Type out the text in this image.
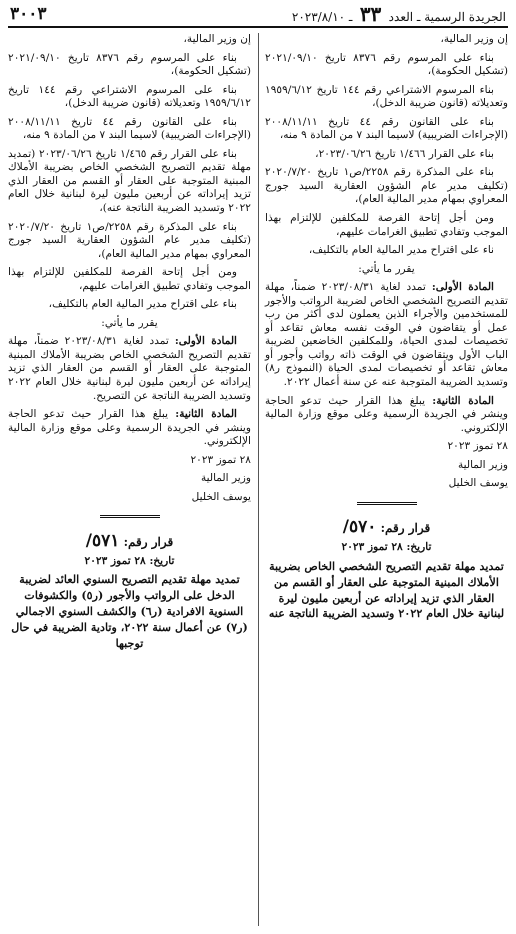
الجريدة الرسمية ـ العدد ٣٣ ـ ٢٠٢٣/٨/١٠
٣٠٠٣

إن وزير المالية،

بناء على المرسوم رقم ٨٣٧٦ تاريخ ٢٠٢١/٠٩/١٠ (تشكيل الحكومة)،

بناء المرسوم الاشتراعي رقم ١٤٤ تاريخ ١٩٥٩/٦/١٢ وتعديلاته (قانون ضريبة الدخل)،

بناء على القانون رقم ٤٤ تاريخ ٢٠٠٨/١١/١١ (الإجراءات الضريبية) لاسيما البند ٧ من المادة ٩ منه،

بناء على القرار ١/٤٦٦ تاريخ ٢٠٢٣/٠٦/٢٦،

بناء على المذكرة رقم ٢٢٥٨/ص١ تاريخ ٢٠٢٠/٧/٢٠ (تكليف مدير عام الشؤون العقارية السيد جورج المعراوي بمهام مدير المالية العام)،

ومن أجل إتاحة الفرصة للمكلفين للإلتزام بهذا الموجب وتفادي تطبيق الغرامات عليهم،

ناء على اقتراح مدير المالية العام بالتكليف،

يقرر ما يأتي:

المادة الأولى: تمدد لغاية ٢٠٢٣/٠٨/٣١ ضمناً، مهلة تقديم التصريح الشخصي الخاص لضريبة الرواتب والأجور للمستخدمين والأجراء الذين يعملون لدى أكثر من رب عمل أو يتقاضون في الوقت نفسه معاش تقاعد أو تخصيصات لمدى الحياة، وللمكلفين الخاضعين لضريبة الباب الأول ويتقاضون في الوقت ذاته رواتب وأجور أو معاش تقاعد أو تخصيصات لمدى الحياة (النموذج ر٨) وتسديد الضريبة المتوجبة عنه عن سنة أعمال ٢٠٢٢.

المادة الثانية: يبلغ هذا القرار حيث تدعو الحاجة وينشر في الجريدة الرسمية وعلى موقع وزارة المالية الإلكتروني.

٢٨ تموز ٢٠٢٣

وزير المالية

يوسف الخليل

قرار رقم: ٥٧٠/
تاريخ: ٢٨ تموز ٢٠٢٣
تمديد مهلة تقديم التصريح الشخصي الخاص بضريبة الأملاك المبنية المتوجبة على العقار أو القسم من العقار الذي تزيد إيراداته عن أربعين مليون ليرة لبنانية خلال العام ٢٠٢٢ وتسديد الضريبة الناتجة عنه

إن وزير المالية،

بناء على المرسوم رقم ٨٣٧٦ تاريخ ٢٠٢١/٠٩/١٠ (تشكيل الحكومة)،

بناء على المرسوم الاشتراعي رقم ١٤٤ تاريخ ١٩٥٩/٦/١٢ وتعديلاته (قانون ضريبة الدخل)،

بناء على القانون رقم ٤٤ تاريخ ٢٠٠٨/١١/١١ (الإجراءات الضريبية) لاسيما البند ٧ من المادة ٩ منه،

بناء على القرار رقم ١/٤٦٥ تاريخ ٢٠٢٣/٠٦/٢٦ (تمديد مهلة تقديم التصريح الشخصي الخاص بضريبة الأملاك المبنية المتوجبة على العقار أو القسم من العقار الذي تزيد إيراداته عن أربعين مليون ليرة لبنانية خلال العام ٢٠٢٢ وتسديد الضريبة الناتجة عنه)،

بناء على المذكرة رقم ٢٢٥٨/ص١ تاريخ ٢٠٢٠/٧/٢٠ (تكليف مدير عام الشؤون العقارية السيد جورج المعراوي بمهام مدير المالية العام)،

ومن أجل إتاحة الفرصة للمكلفين للإلتزام بهذا الموجب وتفادي تطبيق الغرامات عليهم،

بناء على اقتراح مدير المالية العام بالتكليف،

يقرر ما يأتي:

المادة الأولى: تمدد لغاية ٢٠٢٣/٠٨/٣١ ضمناً، مهلة تقديم التصريح الشخصي الخاص بضريبة الأملاك المبنية المتوجبة على العقار أو القسم من العقار الذي تزيد إيراداته عن أربعين مليون ليرة لبنانية خلال العام ٢٠٢٢ وتسديد الضريبة الناتجة عن التصريح.

المادة الثانية: يبلغ هذا القرار حيث تدعو الحاجة وينشر في الجريدة الرسمية وعلى موقع وزارة المالية الإلكتروني.

٢٨ تموز ٢٠٢٣

وزير المالية

يوسف الخليل

قرار رقم: ٥٧١/
تاريخ: ٢٨ تموز ٢٠٢٣
تمديد مهلة تقديم التصريح السنوي العائد لضريبة الدخل على الرواتب والأجور (ر٥) والكشوفات السنوية الافرادية (ر٦) والكشف السنوي الاجمالي (ر٧) عن أعمال سنة ٢٠٢٢، وتادية الضريبة في حال توجبها
